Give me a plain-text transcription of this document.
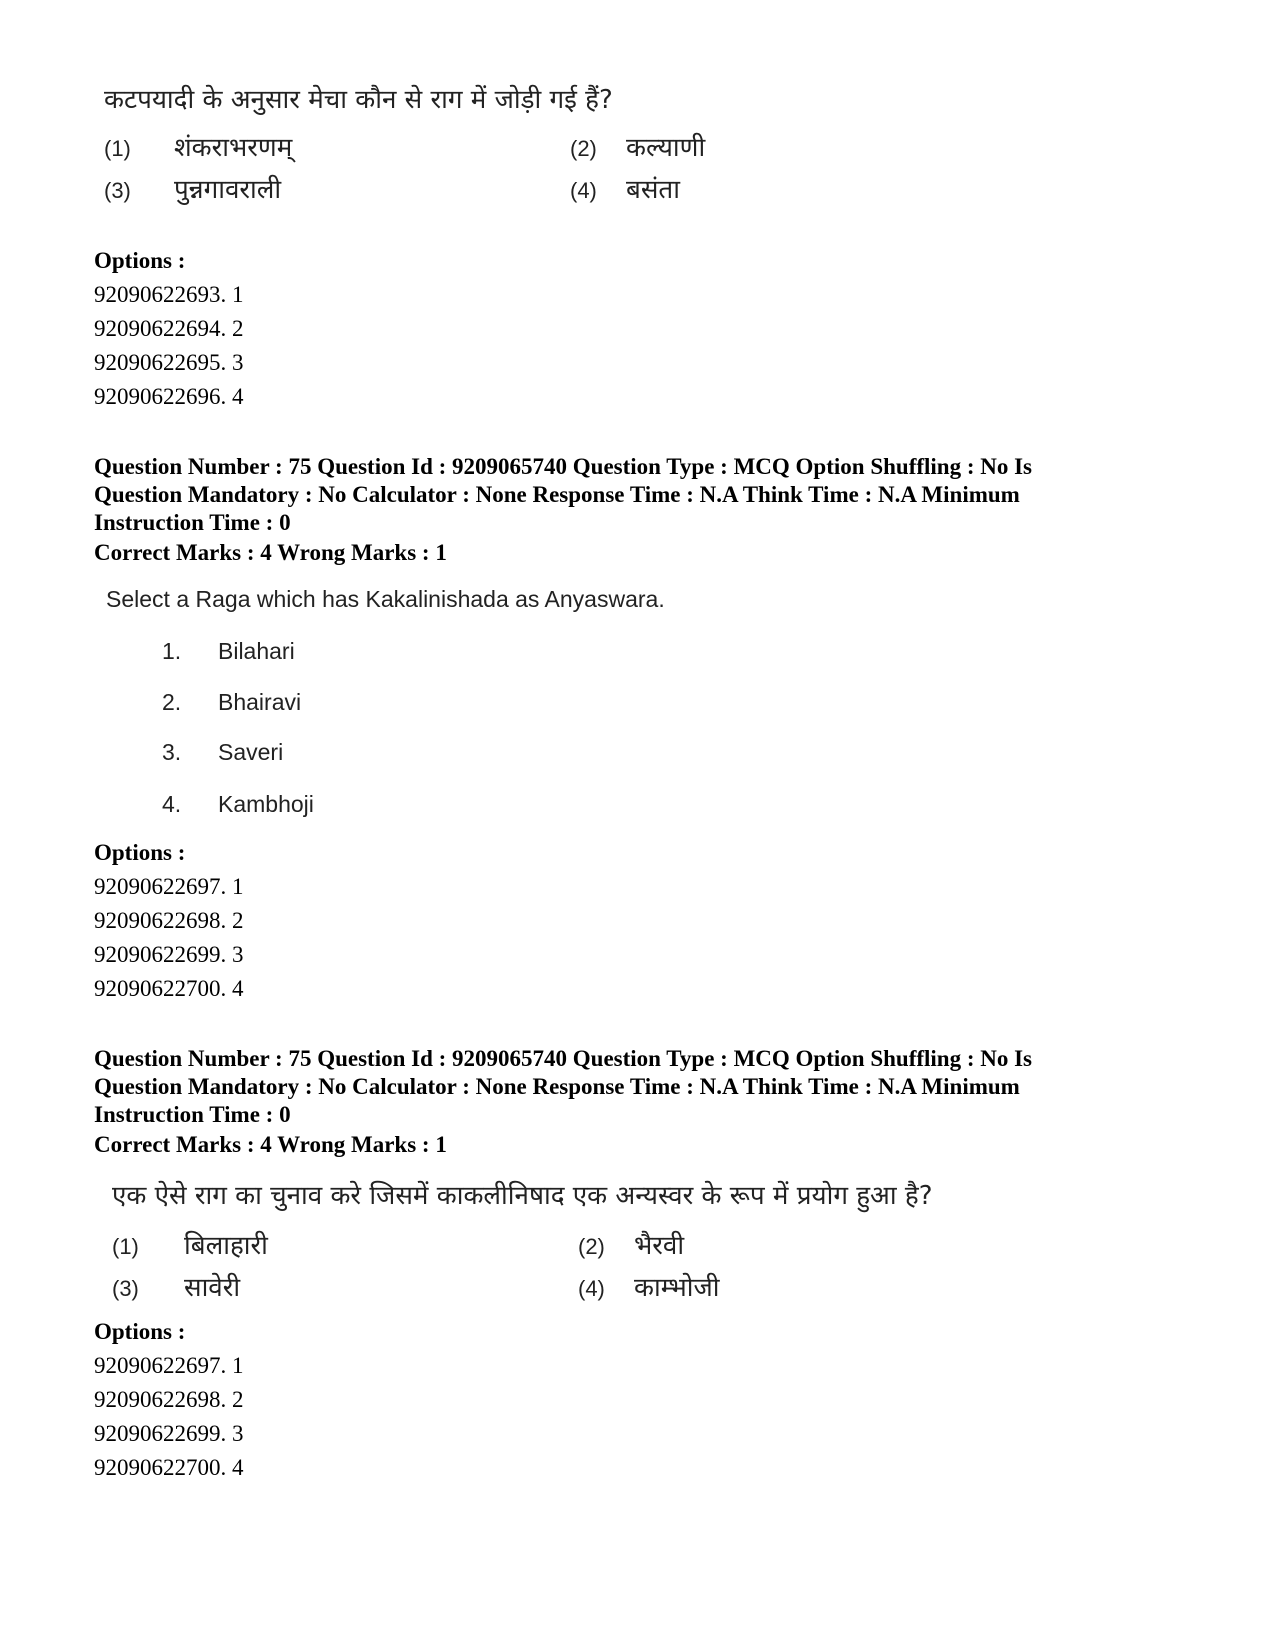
कटपयादी के अनुसार मेचा कौन से राग में जोड़ी गई हैं?
(1) शंकराभरणम्	(2) कल्याणी
(3) पुन्नगावराली	(4) बसंता
Options :
92090622693. 1
92090622694. 2
92090622695. 3
92090622696. 4
Question Number : 75 Question Id : 9209065740 Question Type : MCQ Option Shuffling : No Is
Question Mandatory : No Calculator : None Response Time : N.A Think Time : N.A Minimum
Instruction Time : 0
Correct Marks : 4 Wrong Marks : 1
Select a Raga which has Kakalinishada as Anyaswara.
1. Bilahari
2. Bhairavi
3. Saveri
4. Kambhoji
Options :
92090622697. 1
92090622698. 2
92090622699. 3
92090622700. 4
Question Number : 75 Question Id : 9209065740 Question Type : MCQ Option Shuffling : No Is
Question Mandatory : No Calculator : None Response Time : N.A Think Time : N.A Minimum
Instruction Time : 0
Correct Marks : 4 Wrong Marks : 1
एक ऐसे राग का चुनाव करे जिसमें काकलीनिषाद एक अन्यस्वर के रूप में प्रयोग हुआ है?
(1) बिलाहारी	(2) भैरवी
(3) सावेरी	(4) काम्भोजी
Options :
92090622697. 1
92090622698. 2
92090622699. 3
92090622700. 4
